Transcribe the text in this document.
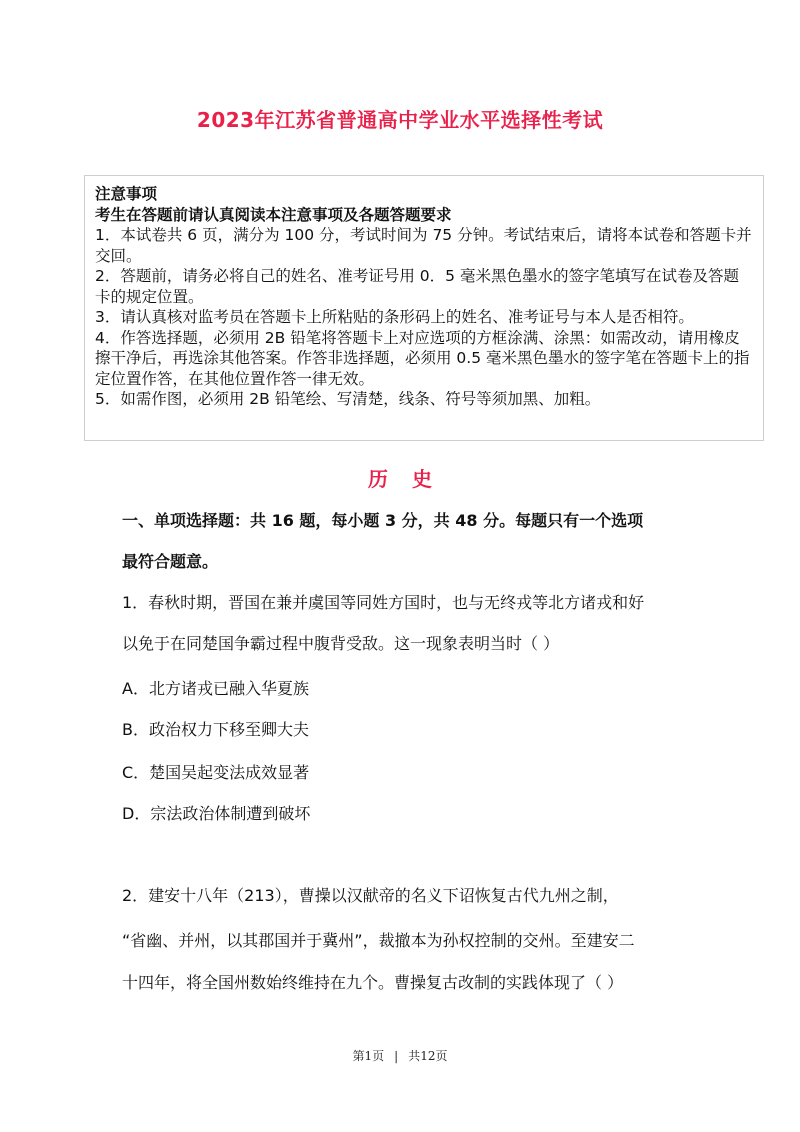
2023年江苏省普通高中学业水平选择性考试

注意事项

考生在答题前请认真阅读本注意事项及各题答题要求

1．本试卷共 6 页，满分为 100 分，考试时间为 75 分钟。考试结束后，请将本试卷和答题卡并交回。

2．答题前，请务必将自己的姓名、准考证号用 0．5 毫米黑色墨水的签字笔填写在试卷及答题卡的规定位置。

3．请认真核对监考员在答题卡上所粘贴的条形码上的姓名、准考证号与本人是否相符。

4．作答选择题，必须用 2B 铅笔将答题卡上对应选项的方框涂满、涂黑：如需改动，请用橡皮擦干净后，再选涂其他答案。作答非选择题，必须用 0.5 毫米黑色墨水的签字笔在答题卡上的指定位置作答，在其他位置作答一律无效。

5．如需作图，必须用 2B 铅笔绘、写清楚，线条、符号等须加黑、加粗。

历史
一、单项选择题：共 16 题，每小题 3 分，共 48 分。每题只有一个选项
最符合题意。
1．春秋时期，晋国在兼并虞国等同姓方国时，也与无终戎等北方诸戎和好
以免于在同楚国争霸过程中腹背受敌。这一现象表明当时（ ）
A．北方诸戎已融入华夏族
B．政治权力下移至卿大夫
C．楚国吴起变法成效显著
D．宗法政治体制遭到破坏
2．建安十八年（213），曹操以汉献帝的名义下诏恢复古代九州之制，
“省幽、并州，以其郡国并于冀州”，裁撤本为孙权控制的交州。至建安二
十四年，将全国州数始终维持在九个。曹操复古改制的实践体现了（ ）
第1页 | 共12页
